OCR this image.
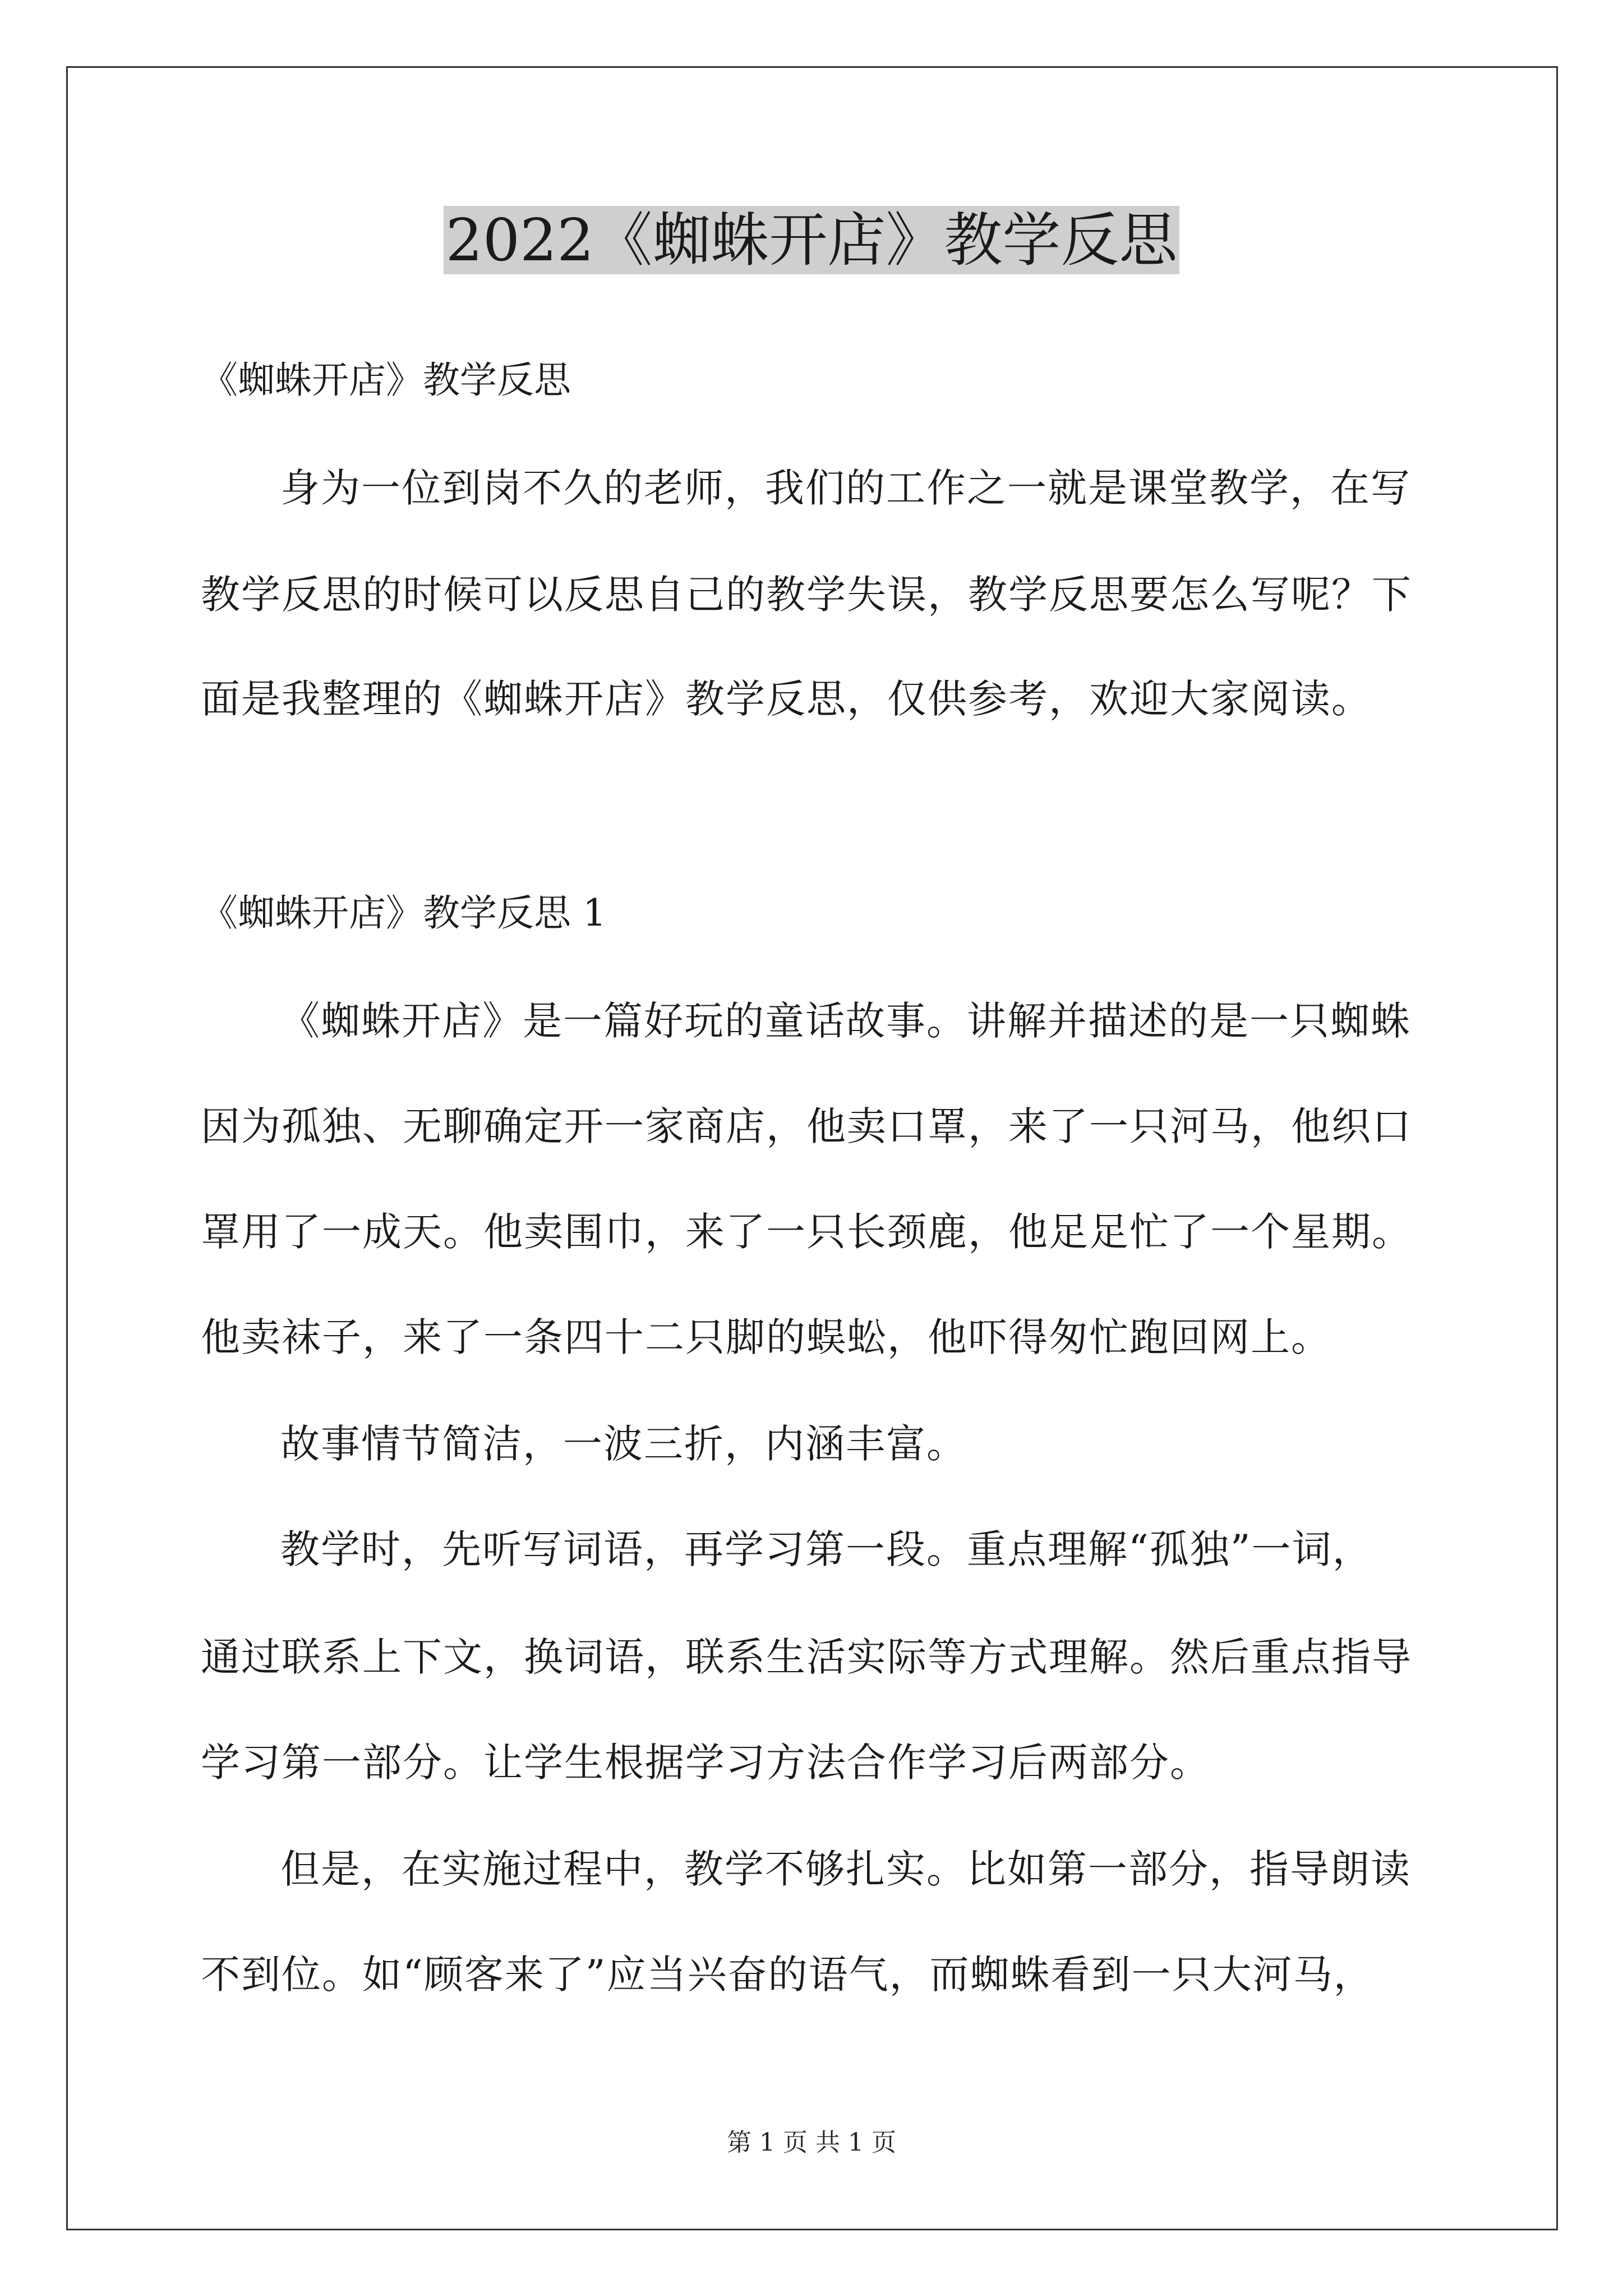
2022《蜘蛛开店》教学反思
《蜘蛛开店》教学反思
身为一位到岗不久的老师，我们的工作之一就是课堂教学，在写
教学反思的时候可以反思自己的教学失误，教学反思要怎么写呢？下
面是我整理的《蜘蛛开店》教学反思，仅供参考，欢迎大家阅读。
《蜘蛛开店》教学反思 1
《蜘蛛开店》是一篇好玩的童话故事。讲解并描述的是一只蜘蛛
因为孤独、无聊确定开一家商店，他卖口罩，来了一只河马，他织口
罩用了一成天。他卖围巾，来了一只长颈鹿，他足足忙了一个星期。
他卖袜子，来了一条四十二只脚的蜈蚣，他吓得匆忙跑回网上。
故事情节简洁，一波三折，内涵丰富。
教学时，先听写词语，再学习第一段。重点理解“孤独”一词，
通过联系上下文，换词语，联系生活实际等方式理解。然后重点指导
学习第一部分。让学生根据学习方法合作学习后两部分。
但是，在实施过程中，教学不够扎实。比如第一部分，指导朗读
不到位。如“顾客来了”应当兴奋的语气，而蜘蛛看到一只大河马，
第 1 页 共 1 页
